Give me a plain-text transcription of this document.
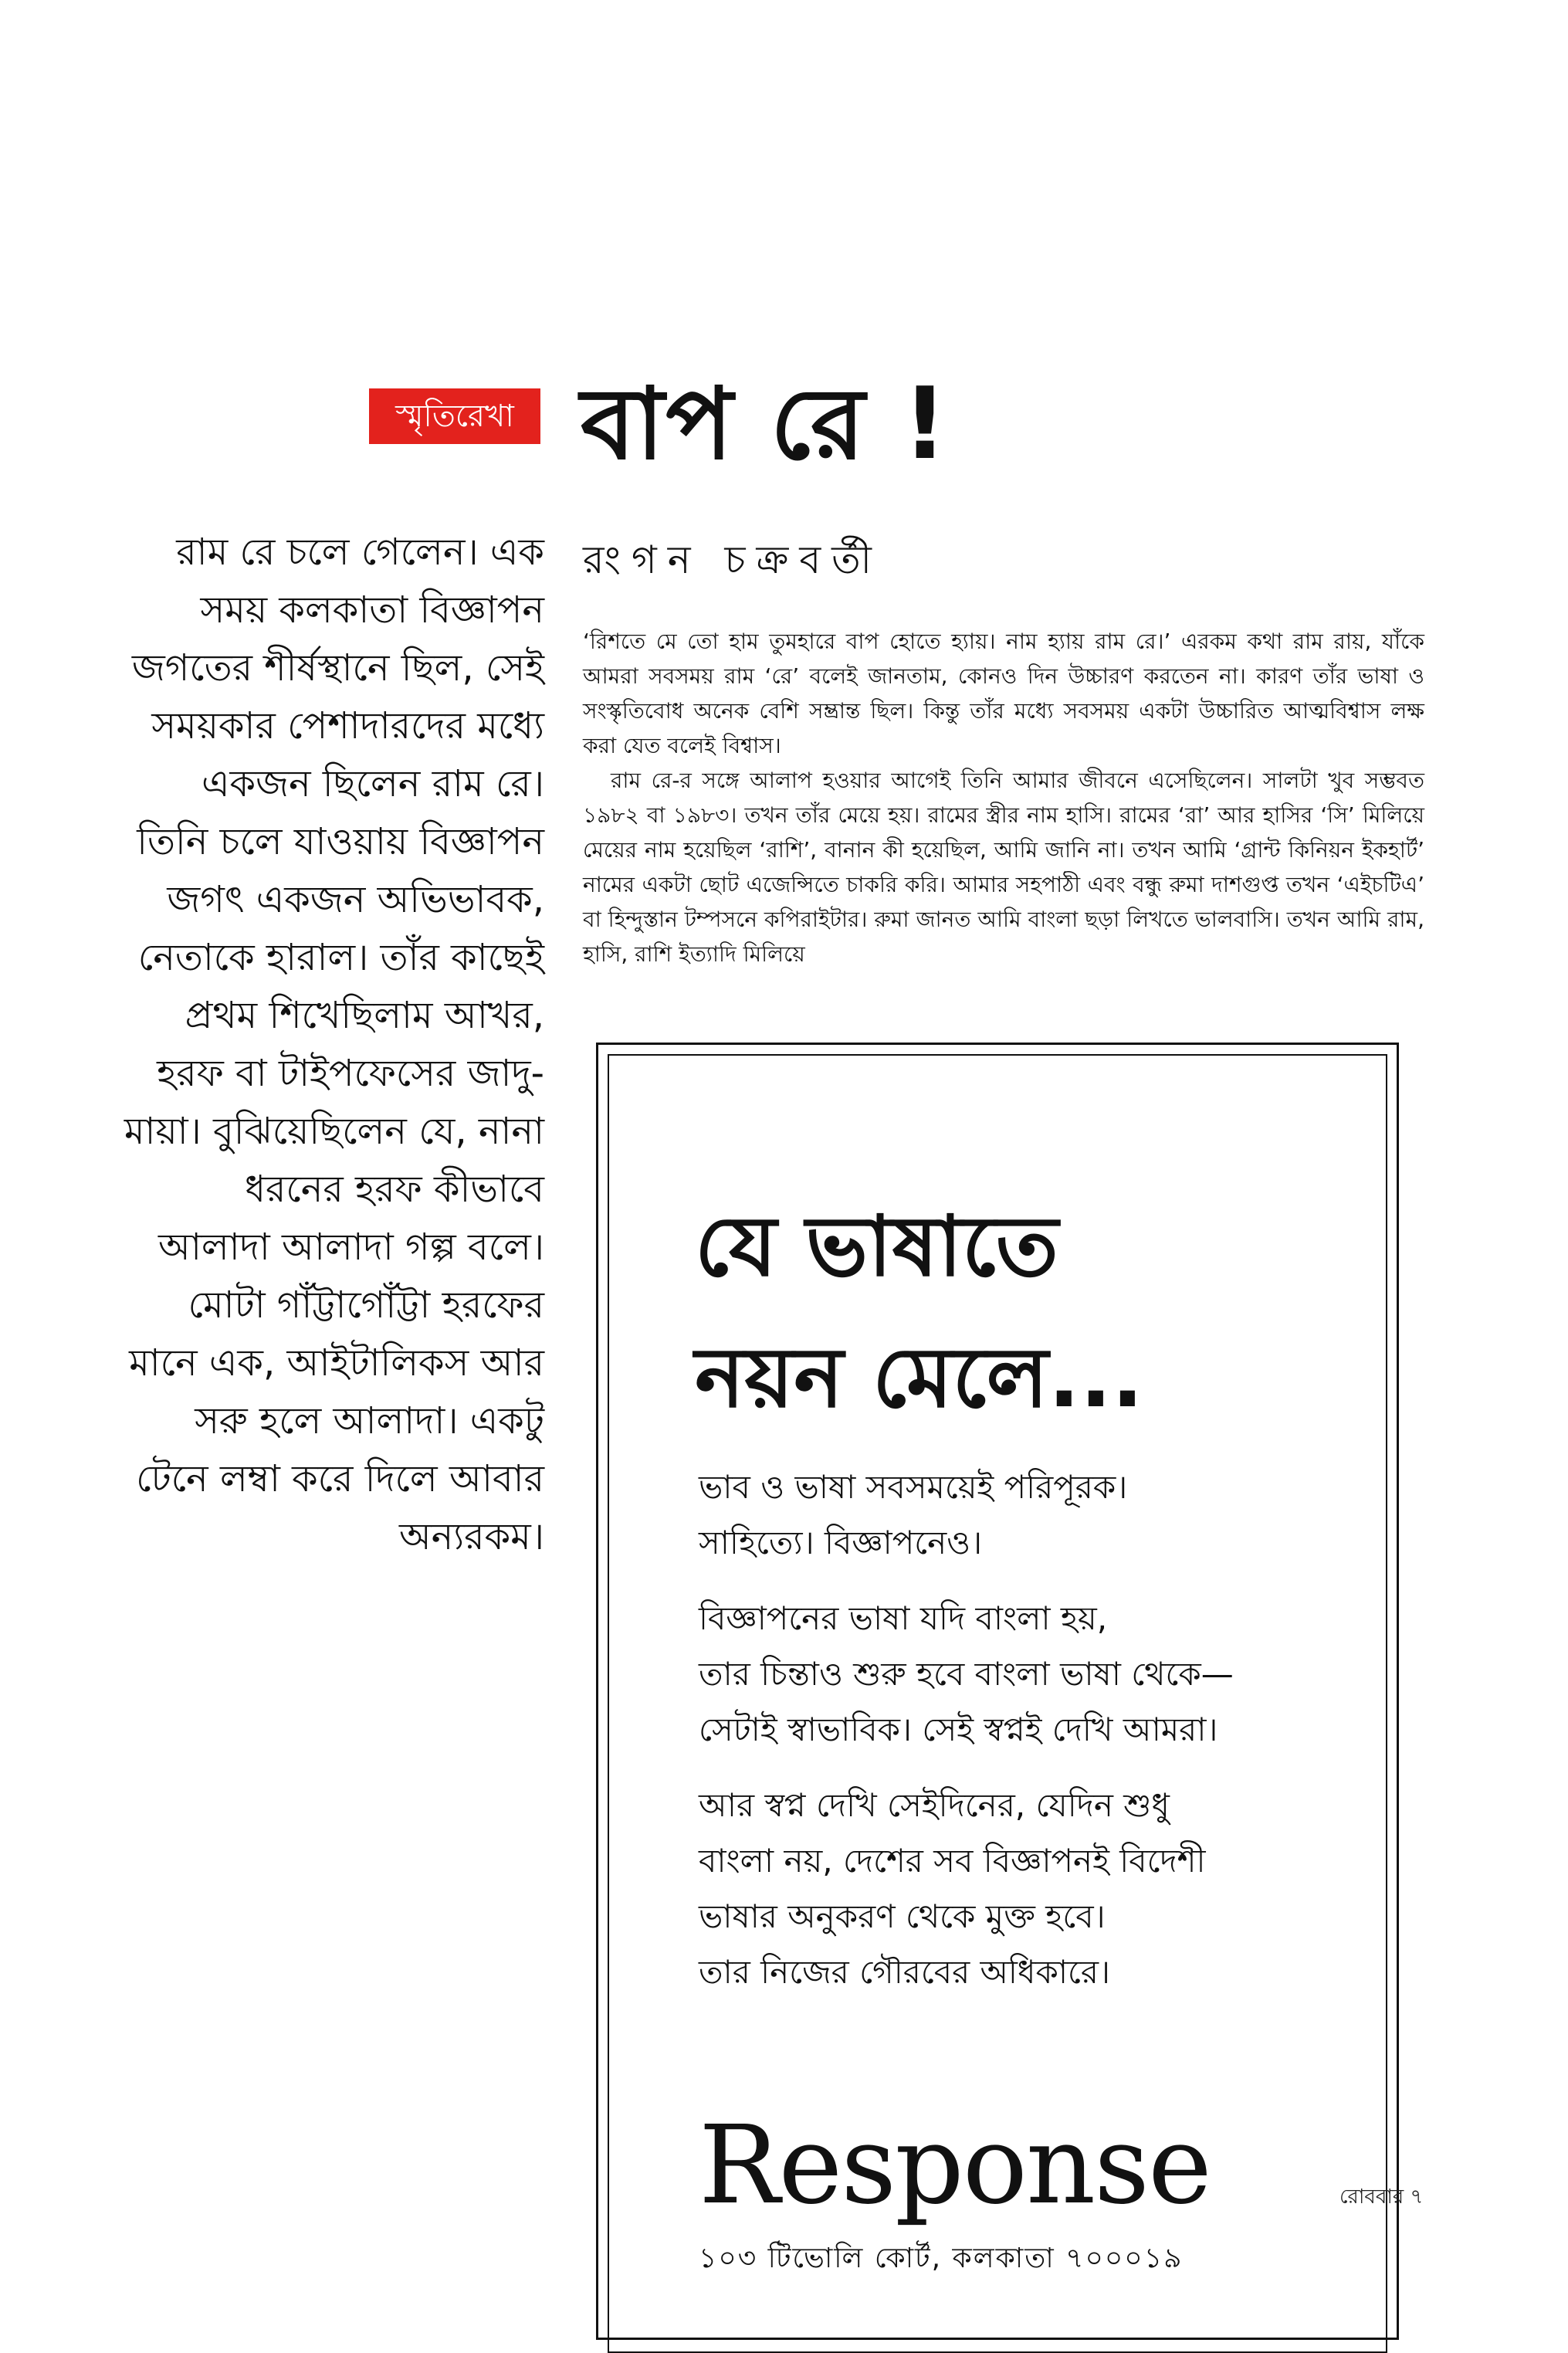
স্মৃতিরেখা বাপ রে !
রাম রে চলে গেলেন। এক সময় কলকাতা বিজ্ঞাপন জগতের শীর্ষস্থানে ছিল, সেই সময়কার পেশাদারদের মধ্যে একজন ছিলেন রাম রে। তিনি চলে যাওয়ায় বিজ্ঞাপন জগৎ একজন অভিভাবক, নেতাকে হারাল। তাঁর কাছেই প্রথম শিখেছিলাম আখর, হরফ বা টাইপফেসের জাদু-মায়া। বুঝিয়েছিলেন যে, নানা ধরনের হরফ কীভাবে আলাদা আলাদা গল্প বলে। মোটা গাঁট্টাগোঁট্টা হরফের মানে এক, আইটালিকস আর সরু হলে আলাদা। একটু টেনে লম্বা করে দিলে আবার অন্যরকম।
রংগন চক্রবর্তী

‘রিশতে মে তো হাম তুমহারে বাপ হোতে হ্যায়। নাম হ্যায় রাম রে।’ এরকম কথা রাম রায়, যাঁকে আমরা সবসময় রাম ‘রে’ বলেই জানতাম, কোনও দিন উচ্চারণ করতেন না। কারণ তাঁর ভাষা ও সংস্কৃতিবোধ অনেক বেশি সম্ভ্রান্ত ছিল। কিন্তু তাঁর মধ্যে সবসময় একটা উচ্চারিত আত্মবিশ্বাস লক্ষ করা যেত বলেই বিশ্বাস।

রাম রে-র সঙ্গে আলাপ হওয়ার আগেই তিনি আমার জীবনে এসেছিলেন। সালটা খুব সম্ভবত ১৯৮২ বা ১৯৮৩। তখন তাঁর মেয়ে হয়। রামের স্ত্রীর নাম হাসি। রামের ‘রা’ আর হাসির ‘সি’ মিলিয়ে মেয়ের নাম হয়েছিল ‘রাশি’, বানান কী হয়েছিল, আমি জানি না। তখন আমি ‘গ্রান্ট কিনিয়ন ইকহার্ট’ নামের একটা ছোট এজেন্সিতে চাকরি করি। আমার সহপাঠী এবং বন্ধু রুমা দাশগুপ্ত তখন ‘এইচটিএ’ বা হিন্দুস্তান টম্পসনে কপিরাইটার। রুমা জানত আমি বাংলা ছড়া লিখতে ভালবাসি। তখন আমি রাম, হাসি, রাশি ইত্যাদি মিলিয়ে

যে ভাষাতে
নয়ন মেলে...

ভাব ও ভাষা সবসময়েই পরিপূরক।
সাহিত্যে। বিজ্ঞাপনেও।

বিজ্ঞাপনের ভাষা যদি বাংলা হয়,
তার চিন্তাও শুরু হবে বাংলা ভাষা থেকে—
সেটাই স্বাভাবিক। সেই স্বপ্নই দেখি আমরা।

আর স্বপ্ন দেখি সেইদিনের, যেদিন শুধু
বাংলা নয়, দেশের সব বিজ্ঞাপনই বিদেশী
ভাষার অনুকরণ থেকে মুক্ত হবে।
তার নিজের গৌরবের অধিকারে।

Response
১০৩ টিভোলি কোর্ট, কলকাতা ৭০০০১৯
রোববার ৭
